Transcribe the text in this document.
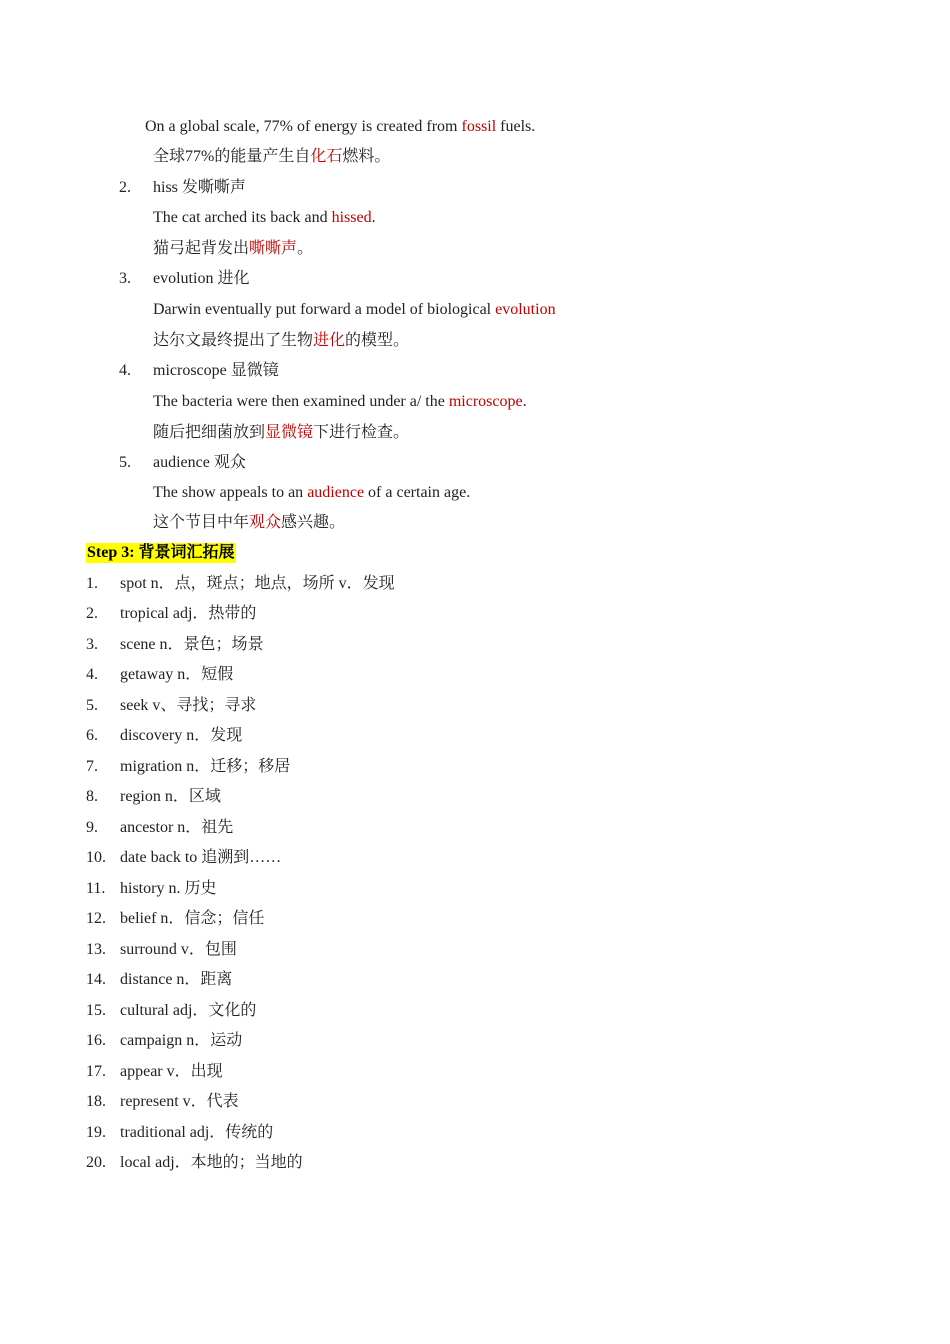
On a global scale, 77% of energy is created from fossil fuels.
全球77%的能量产生自化石燃料。
2. hiss 发嘶嘶声
The cat arched its back and hissed.
猫弓起背发出嘶嘶声。
3. evolution 进化
Darwin eventually put forward a model of biological evolution
达尔文最终提出了生物进化的模型。
4. microscope 显微镜
The bacteria were then examined under a/ the microscope.
随后把细菌放到显微镜下进行检查。
5. audience 观众
The show appeals to an audience of a certain age.
这个节目中年观众感兴趣。
Step 3: 背景词汇拓展
1. spot n．点，斑点；地点，场所 v．发现
2. tropical adj．热带的
3. scene n．景色；场景
4. getaway n．短假
5. seek v、寻找；寻求
6. discovery n．发现
7. migration n．迁移；移居
8. region n．区域
9. ancestor n．祖先
10. date back to 追溯到……
11. history n. 历史
12. belief n．信念；信任
13. surround v．包围
14. distance n．距离
15. cultural adj．文化的
16. campaign n．运动
17. appear v．出现
18. represent v．代表
19. traditional adj．传统的
20. local adj．本地的；当地的
